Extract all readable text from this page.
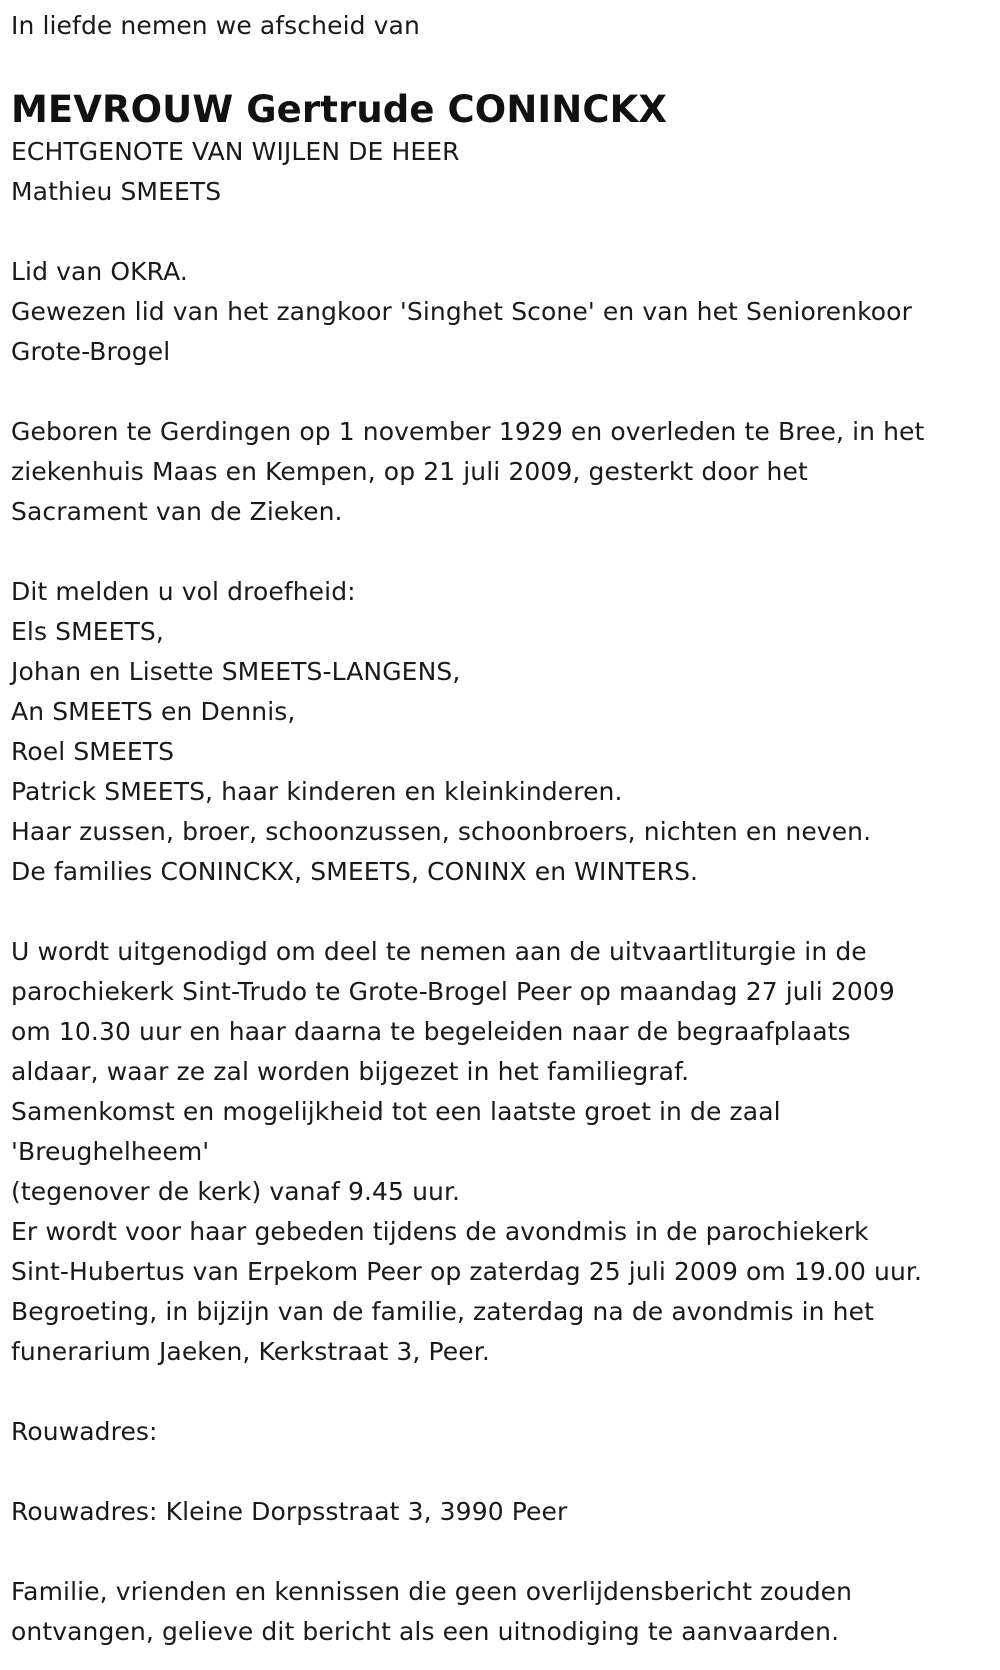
In liefde nemen we afscheid van
MEVROUW Gertrude CONINCKX
ECHTGENOTE VAN WIJLEN DE HEER
Mathieu SMEETS
Lid van OKRA.
Gewezen lid van het zangkoor 'Singhet Scone' en van het Seniorenkoor
Grote-Brogel
Geboren te Gerdingen op 1 november 1929 en overleden te Bree, in het
ziekenhuis Maas en Kempen, op 21 juli 2009, gesterkt door het
Sacrament van de Zieken.
Dit melden u vol droefheid:
Els SMEETS,
Johan en Lisette SMEETS-LANGENS,
An SMEETS en Dennis,
Roel SMEETS
Patrick SMEETS, haar kinderen en kleinkinderen.
Haar zussen, broer, schoonzussen, schoonbroers, nichten en neven.
De families CONINCKX, SMEETS, CONINX en WINTERS.
U wordt uitgenodigd om deel te nemen aan de uitvaartliturgie in de
parochiekerk Sint-Trudo te Grote-Brogel Peer op maandag 27 juli 2009
om 10.30 uur en haar daarna te begeleiden naar de begraafplaats
aldaar, waar ze zal worden bijgezet in het familiegraf.
Samenkomst en mogelijkheid tot een laatste groet in de zaal
'Breughelheem'
(tegenover de kerk) vanaf 9.45 uur.
Er wordt voor haar gebeden tijdens de avondmis in de parochiekerk
Sint-Hubertus van Erpekom Peer op zaterdag 25 juli 2009 om 19.00 uur.
Begroeting, in bijzijn van de familie, zaterdag na de avondmis in het
funerarium Jaeken, Kerkstraat 3, Peer.
Rouwadres:
Rouwadres: Kleine Dorpsstraat 3, 3990 Peer
Familie, vrienden en kennissen die geen overlijdensbericht zouden
ontvangen, gelieve dit bericht als een uitnodiging te aanvaarden.
